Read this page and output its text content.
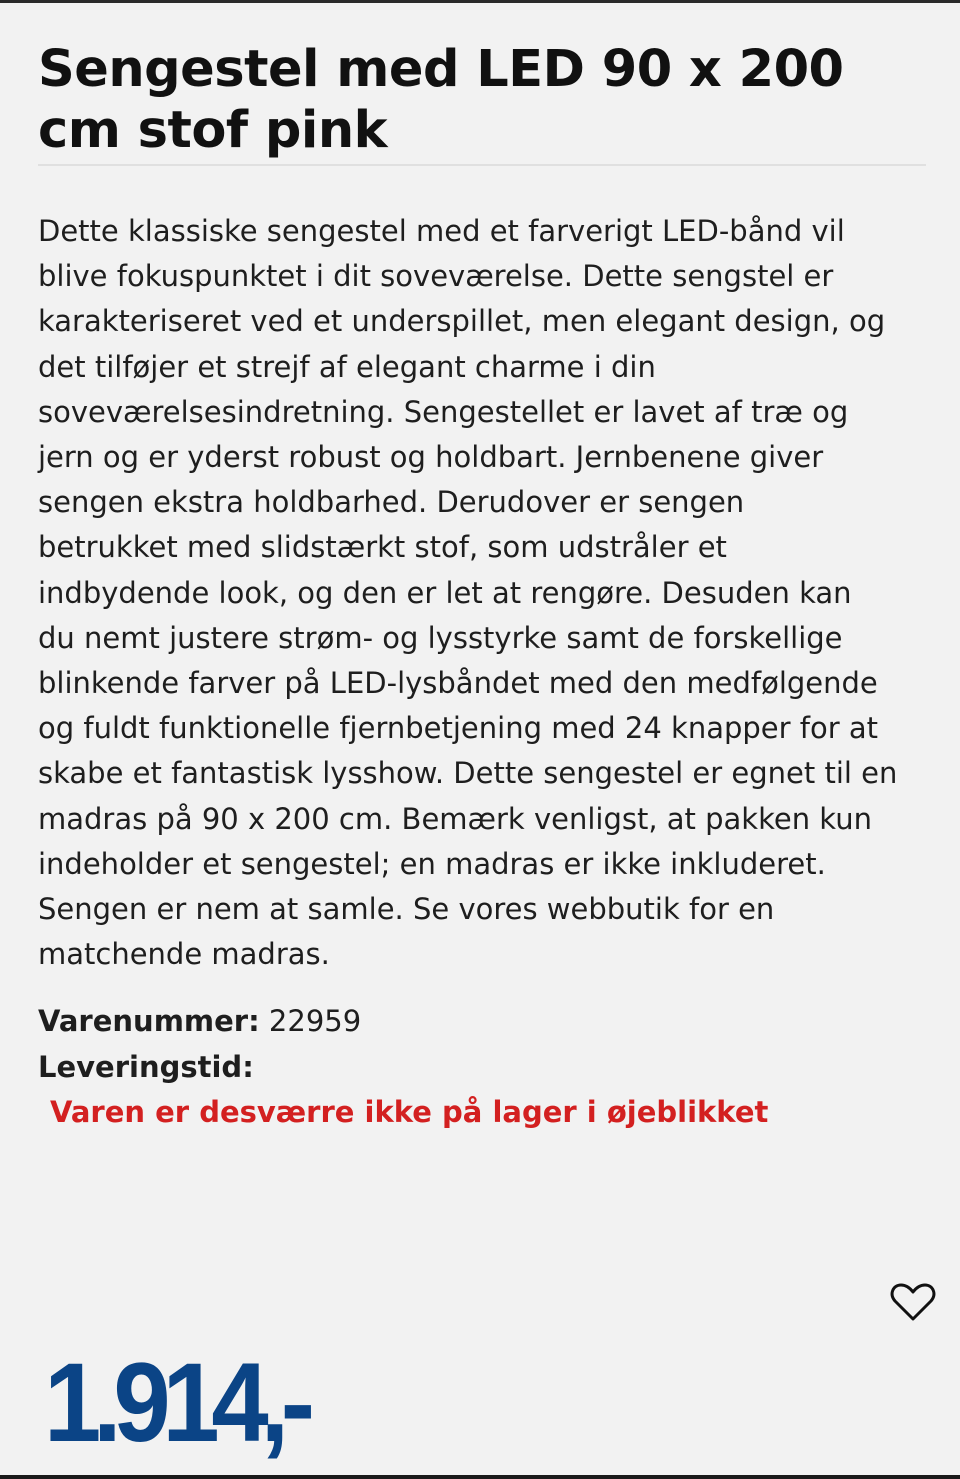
Sengestel med LED 90 x 200 cm stof pink
Dette klassiske sengestel med et farverigt LED-bånd vil
blive fokuspunktet i dit soveværelse. Dette sengstel er
karakteriseret ved et underspillet, men elegant design, og
det tilføjer et strejf af elegant charme i din
soveværelsesindretning. Sengestellet er lavet af træ og
jern og er yderst robust og holdbart. Jernbenene giver
sengen ekstra holdbarhed. Derudover er sengen
betrukket med slidstærkt stof, som udstråler et
indbydende look, og den er let at rengøre. Desuden kan
du nemt justere strøm- og lysstyrke samt de forskellige
blinkende farver på LED-lysbåndet med den medfølgende
og fuldt funktionelle fjernbetjening med 24 knapper for at
skabe et fantastisk lysshow. Dette sengestel er egnet til en
madras på 90 x 200 cm. Bemærk venligst, at pakken kun
indeholder et sengestel; en madras er ikke inkluderet.
Sengen er nem at samle. Se vores webbutik for en
matchende madras.
Varenummer: 22959
Leveringstid:
Varen er desværre ikke på lager i øjeblikket
1.914,-
